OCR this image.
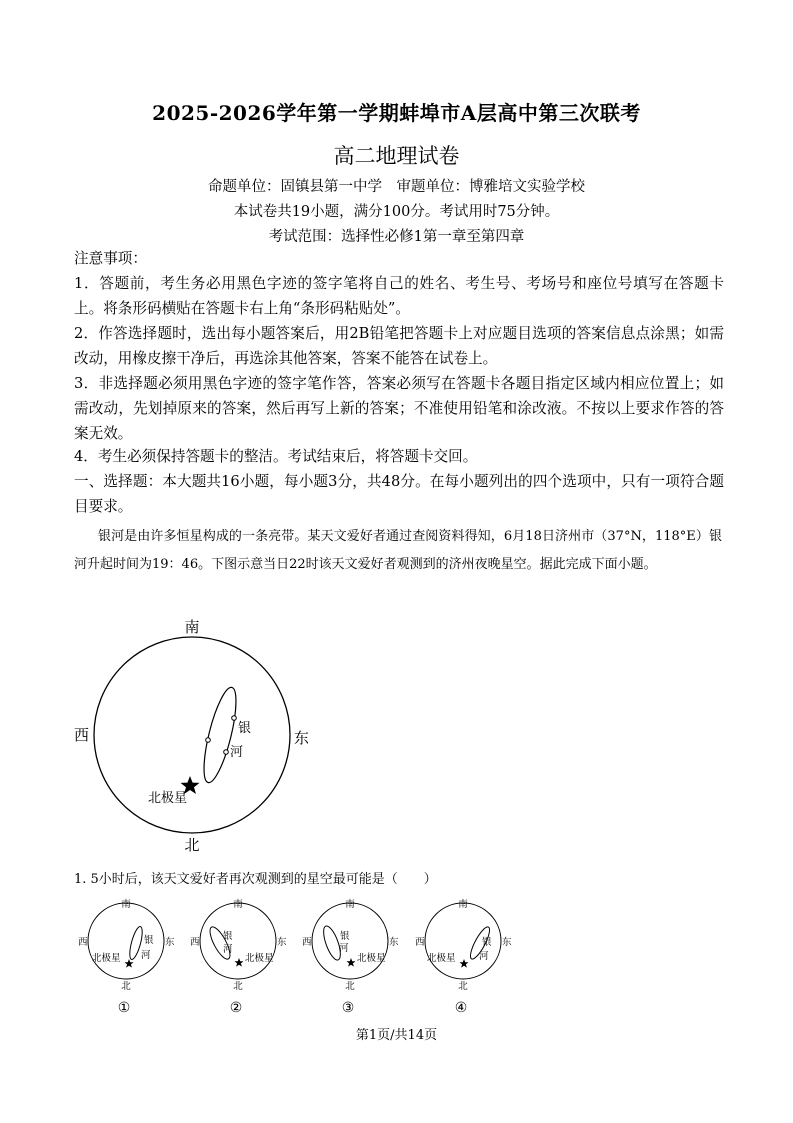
2025-2026学年第一学期蚌埠市A层高中第三次联考
高二地理试卷
命题单位：固镇县第一中学　审题单位：博雅培文实验学校
本试卷共19小题，满分100分。考试用时75分钟。
考试范围：选择性必修1第一章至第四章
注意事项：
1．答题前，考生务必用黑色字迹的签字笔将自己的姓名、考生号、考场号和座位号填写在答题卡上。将条形码横贴在答题卡右上角“条形码粘贴处”。
2．作答选择题时，选出每小题答案后，用2B铅笔把答题卡上对应题目选项的答案信息点涂黑；如需改动，用橡皮擦干净后，再选涂其他答案，答案不能答在试卷上。
3．非选择题必须用黑色字迹的签字笔作答，答案必须写在答题卡各题目指定区域内相应位置上；如需改动，先划掉原来的答案，然后再写上新的答案；不准使用铅笔和涂改液。不按以上要求作答的答案无效。
4．考生必须保持答题卡的整洁。考试结束后，将答题卡交回。
一、选择题：本大题共16小题，每小题3分，共48分。在每小题列出的四个选项中，只有一项符合题目要求。
银河是由许多恒星构成的一条亮带。某天文爱好者通过查阅资料得知，6月18日济州市（37°N，118°E）银河升起时间为19：46。下图示意当日22时该天文爱好者观测到的济州夜晚星空。据此完成下面小题。
南
北
西	东
银
河
北极星
1. 5小时后，该天文爱好者再次观测到的星空最可能是（　　）
南
北
西	东
银
河
北极星
①
南
北
西	东
银
河
北极星
②
南
北
西	东
银
河
北极星
③
南
北
西	东
银
河
北极星
④
第1页/共14页
